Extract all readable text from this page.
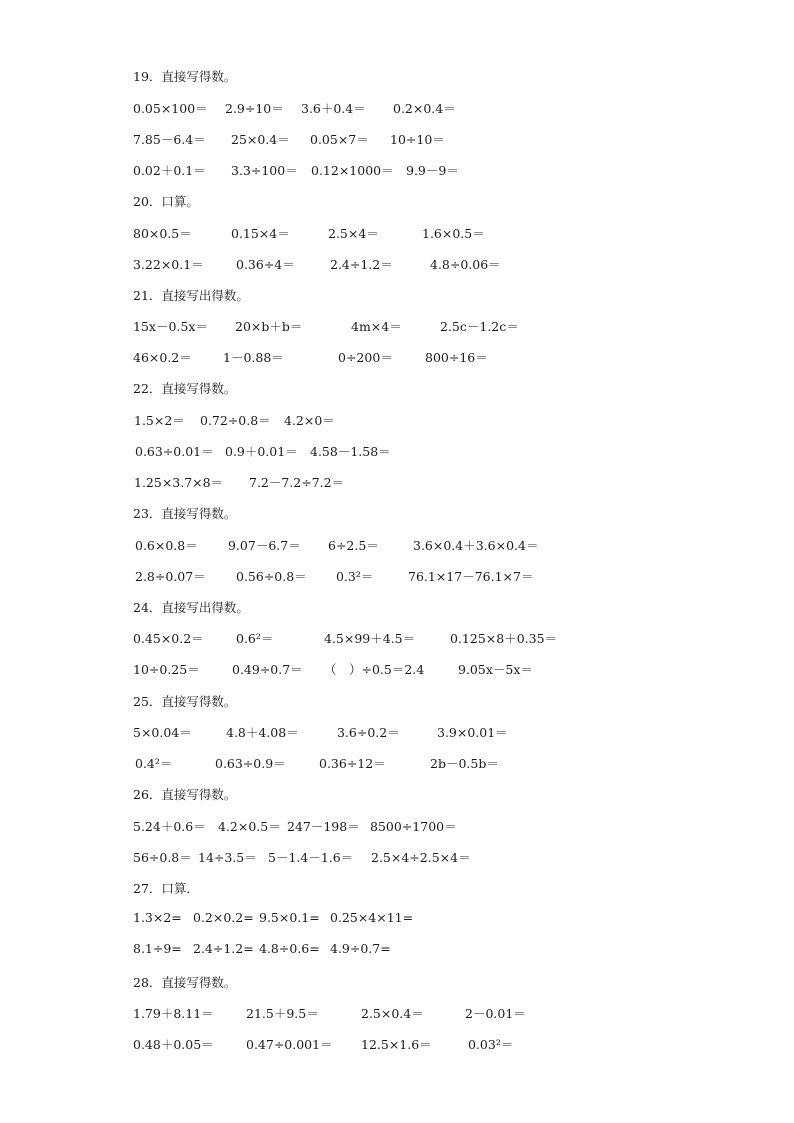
19．直接写得数。
0.05×100＝ 2.9÷10＝ 3.6＋0.4＝ 0.2×0.4＝
7.85－6.4＝ 25×0.4＝ 0.05×7＝ 10÷10＝
0.02＋0.1＝ 3.3÷100＝ 0.12×1000＝ 9.9－9＝
20．口算。
80×0.5＝	0.15×4＝	2.5×4＝	1.6×0.5＝
3.22×0.1＝	0.36÷4＝	2.4÷1.2＝	4.8÷0.06＝
21．直接写出得数。
15x－0.5x＝ 20×b＋b＝	4m×4＝	2.5c－1.2c＝
46×0.2＝ 1－0.88＝	0÷200＝	800÷16＝
22．直接写得数。
1.5×2＝ 0.72÷0.8＝ 4.2×0＝
0.63÷0.01＝ 0.9＋0.01＝ 4.58－1.58＝
1.25×3.7×8＝ 7.2－7.2÷7.2＝
23．直接写得数。
0.6×0.8＝ 9.07－6.7＝ 6÷2.5＝	3.6×0.4＋3.6×0.4＝
2.8÷0.07＝ 0.56÷0.8＝ 0.3²＝	76.1×17－76.1×7＝
24．直接写出得数。
0.45×0.2＝	0.6²＝	4.5×99＋4.5＝	0.125×8＋0.35＝
10÷0.25＝	0.49÷0.7＝ （　）÷0.5＝2.4	9.05x－5x＝
25．直接写得数。
5×0.04＝	4.8＋4.08＝	3.6÷0.2＝	3.9×0.01＝
0.4²＝	0.63÷0.9＝	0.36÷12＝	2b－0.5b＝
26．直接写得数。
5.24＋0.6＝ 4.2×0.5＝ 247－198＝ 8500÷1700＝
56÷0.8＝ 14÷3.5＝ 5－1.4－1.6＝ 2.5×4÷2.5×4＝
27．口算．
1.3×2= 0.2×0.2= 9.5×0.1= 0.25×4×11=
8.1÷9= 2.4÷1.2= 4.8÷0.6= 4.9÷0.7=
28．直接写得数。
1.79＋8.11＝	21.5＋9.5＝	2.5×0.4＝	2－0.01＝
0.48＋0.05＝	0.47÷0.001＝ 12.5×1.6＝	0.03²＝
